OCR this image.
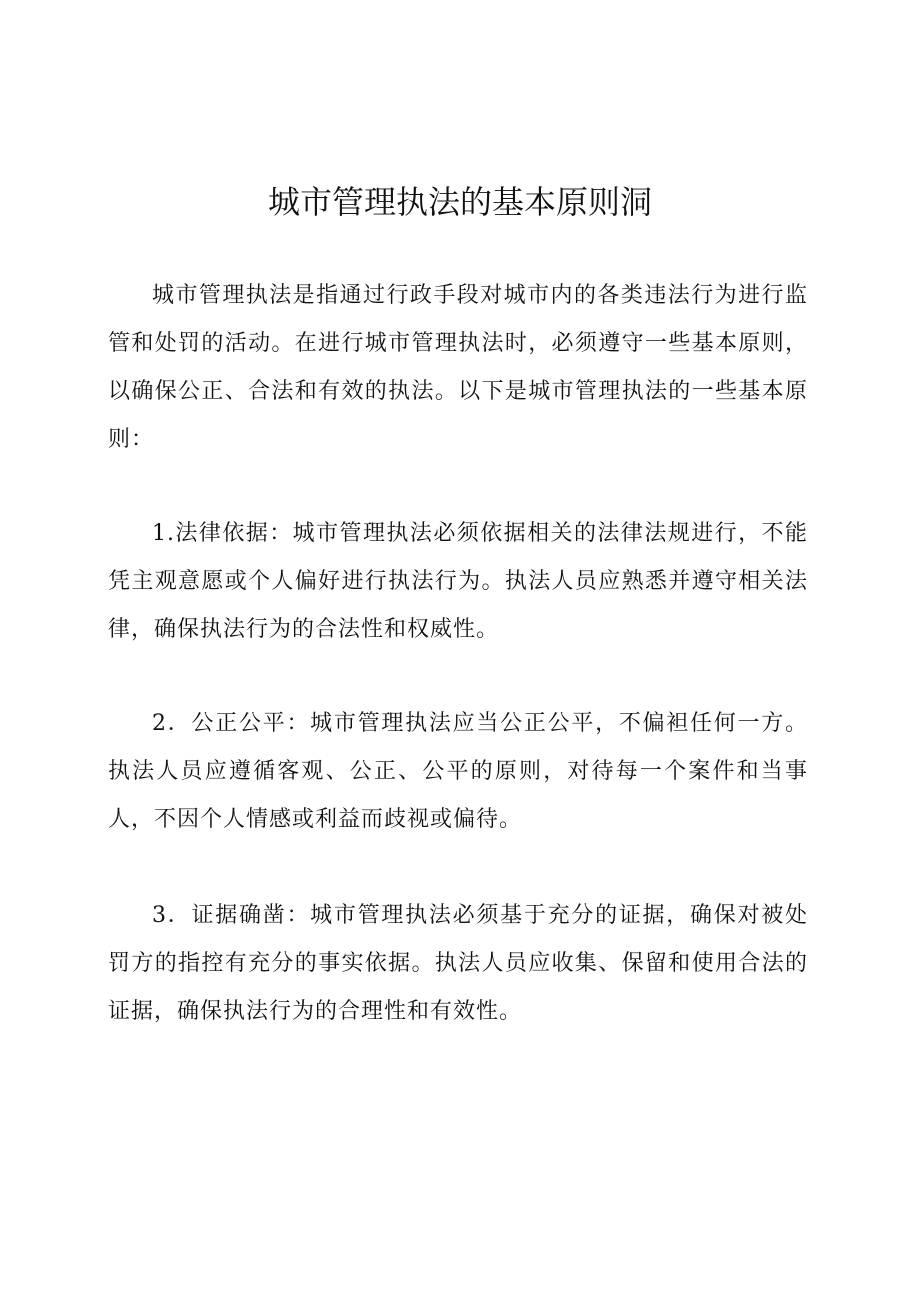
城市管理执法的基本原则洞

城市管理执法是指通过行政手段对城市内的各类违法行为进行监管和处罚的活动。在进行城市管理执法时，必须遵守一些基本原则，以确保公正、合法和有效的执法。以下是城市管理执法的一些基本原则：

1.法律依据：城市管理执法必须依据相关的法律法规进行，不能凭主观意愿或个人偏好进行执法行为。执法人员应熟悉并遵守相关法律，确保执法行为的合法性和权威性。

2．公正公平：城市管理执法应当公正公平，不偏袒任何一方。执法人员应遵循客观、公正、公平的原则，对待每一个案件和当事人，不因个人情感或利益而歧视或偏待。

3．证据确凿：城市管理执法必须基于充分的证据，确保对被处罚方的指控有充分的事实依据。执法人员应收集、保留和使用合法的证据，确保执法行为的合理性和有效性。
